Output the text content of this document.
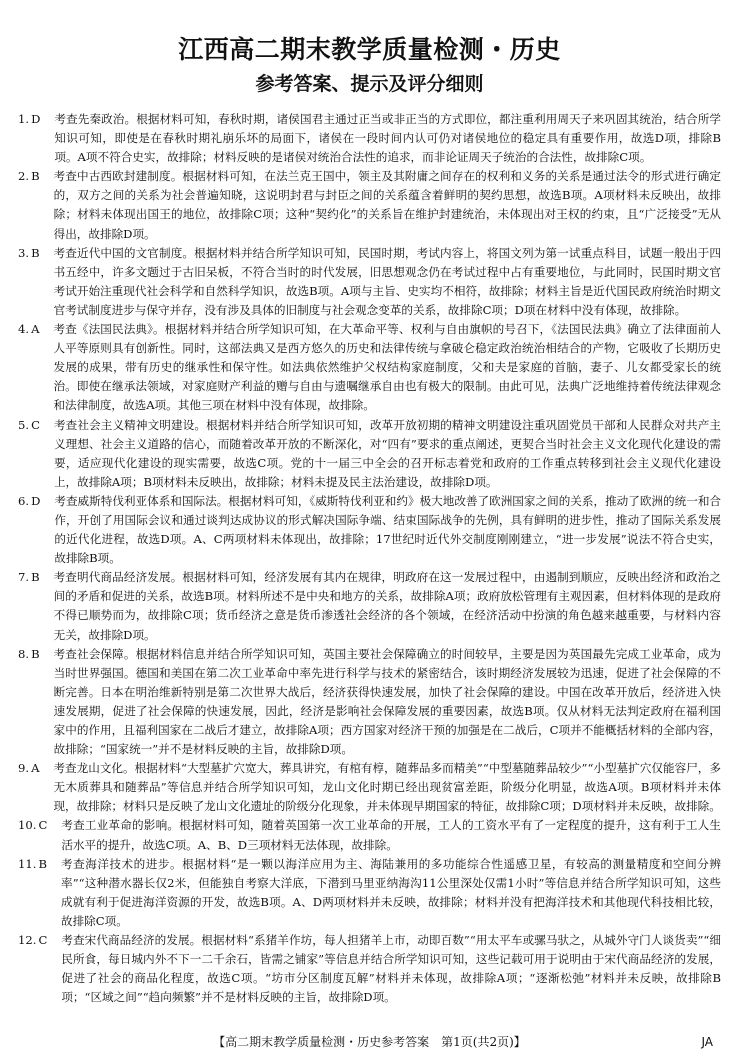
江西高二期末教学质量检测・历史
参考答案、提示及评分细则
1. D	考查先秦政治。根据材料可知，春秋时期，诸侯国君主通过正当或非正当的方式即位，都注重利用周天子来巩固其统治，结合所学知识可知，即使是在春秋时期礼崩乐坏的局面下，诸侯在一段时间内认可仍对诸侯地位的稳定具有重要作用，故选D项，排除B项。A项不符合史实，故排除；材料反映的是诸侯对统治合法性的追求，而非论证周天子统治的合法性，故排除C项。
2. B	考查中古西欧封建制度。根据材料可知，在法兰克王国中，领主及其附庸之间存在的权利和义务的关系是通过法令的形式进行确定的，双方之间的关系为社会普遍知晓，这说明封君与封臣之间的关系蕴含着鲜明的契约思想，故选B项。A项材料未反映出，故排除；材料未体现出国王的地位，故排除C项；这种“契约化”的关系旨在维护封建统治，未体现出对王权的约束，且“广泛接受”无从得出，故排除D项。
3. B	考查近代中国的文官制度。根据材料并结合所学知识可知，民国时期，考试内容上，将国文列为第一试重点科目，试题一般出于四书五经中，许多文题过于古旧呆板，不符合当时的时代发展，旧思想观念仍在考试过程中占有重要地位，与此同时，民国时期文官考试开始注重现代社会科学和自然科学知识，故选B项。A项与主旨、史实均不相符，故排除；材料主旨是近代国民政府统治时期文官考试制度进步与保守并存，没有涉及具体的旧制度与社会观念变革的关系，故排除C项；D项在材料中没有体现，故排除。
4. A	考查《法国民法典》。根据材料并结合所学知识可知，在大革命平等、权利与自由旗帜的号召下，《法国民法典》确立了法律面前人人平等原则具有创新性。同时，这部法典又是西方悠久的历史和法律传统与拿破仑稳定政治统治相结合的产物，它吸收了长期历史发展的成果，带有历史的继承性和保守性。如法典依然维护父权结构家庭制度，父和夫是家庭的首脑，妻子、儿女都受家长的统治。即使在继承法领域，对家庭财产利益的赠与自由与遗嘱继承自由也有极大的限制。由此可见，法典广泛地维持着传统法律观念和法律制度，故选A项。其他三项在材料中没有体现，故排除。
5. C	考查社会主义精神文明建设。根据材料并结合所学知识可知，改革开放初期的精神文明建设注重巩固党员干部和人民群众对共产主义理想、社会主义道路的信心，而随着改革开放的不断深化，对“四有”要求的重点阐述，更契合当时社会主义文化现代化建设的需要，适应现代化建设的现实需要，故选C项。党的十一届三中全会的召开标志着党和政府的工作重点转移到社会主义现代化建设上，故排除A项；B项材料未反映出，故排除；材料未提及民主法治建设，故排除D项。
6. D	考查威斯特伐利亚体系和国际法。根据材料可知，《威斯特伐利亚和约》极大地改善了欧洲国家之间的关系，推动了欧洲的统一和合作，开创了用国际会议和通过谈判达成协议的形式解决国际争端、结束国际战争的先例，具有鲜明的进步性，推动了国际关系发展的近代化进程，故选D项。A、C两项材料未体现出，故排除；17世纪时近代外交制度刚刚建立，“进一步发展”说法不符合史实，故排除B项。
7. B	考查明代商品经济发展。根据材料可知，经济发展有其内在规律，明政府在这一发展过程中，由遏制到顺应，反映出经济和政治之间的矛盾和促进的关系，故选B项。材料所述不是中央和地方的关系，故排除A项；政府放松管理有主观因素，但材料体现的是政府不得已顺势而为，故排除C项；货币经济之意是货币渗透社会经济的各个领域，在经济活动中扮演的角色越来越重要，与材料内容无关，故排除D项。
8. B	考查社会保障。根据材料信息并结合所学知识可知，英国主要社会保障确立的时间较早，主要是因为英国最先完成工业革命，成为当时世界强国。德国和美国在第二次工业革命中率先进行科学与技术的紧密结合，该时期经济发展较为迅速，促进了社会保障的不断完善。日本在明治维新特别是第二次世界大战后，经济获得快速发展，加快了社会保障的建设。中国在改革开放后，经济进入快速发展期，促进了社会保障的快速发展，因此，经济是影响社会保障发展的重要因素，故选B项。仅从材料无法判定政府在福利国家中的作用，且福利国家在二战后才建立，故排除A项；西方国家对经济干预的加强是在二战后，C项并不能概括材料的全部内容，故排除；“国家统一”并不是材料反映的主旨，故排除D项。
9. A	考查龙山文化。根据材料“大型墓扩穴宽大，葬具讲究，有棺有椁，随葬品多而精美”“中型墓随葬品较少”“小型墓扩穴仅能容尸，多无木质葬具和随葬品”等信息并结合所学知识可知，龙山文化时期已经出现贫富差距，阶级分化明显，故选A项。B项材料并未体现，故排除；材料只是反映了龙山文化遗址的阶级分化现象，并未体现早期国家的特征，故排除C项；D项材料并未反映，故排除。
10. C	考查工业革命的影响。根据材料可知，随着英国第一次工业革命的开展，工人的工资水平有了一定程度的提升，这有利于工人生活水平的提升，故选C项。A、B、D三项材料无法体现，故排除。
11. B	考查海洋技术的进步。根据材料“是一颗以海洋应用为主、海陆兼用的多功能综合性遥感卫星，有较高的测量精度和空间分辨率”“这种潜水器长仅2米，但能独自考察大洋底，下潜到马里亚纳海沟11公里深处仅需1小时”等信息并结合所学知识可知，这些成就有利于促进海洋资源的开发，故选B项。A、D两项材料并未反映，故排除；材料并没有把海洋技术和其他现代科技相比较，故排除C项。
12. C	考查宋代商品经济的发展。根据材料“系猪羊作坊，每人担猪羊上市，动即百数”“用太平车或骡马驮之，从城外守门人谈货卖”“细民所食，每日城内外不下一二千余石，皆需之铺家”等信息并结合所学知识可知，这些记载可用于说明由于宋代商品经济的发展，促进了社会的商品化程度，故选C项。“坊市分区制度瓦解”材料并未体现，故排除A项；“逐渐松弛”材料并未反映，故排除B项；“区域之间”“趋向频繁”并不是材料反映的主旨，故排除D项。
【高二期末教学质量检测・历史参考答案　第1页(共2页)】	JA
